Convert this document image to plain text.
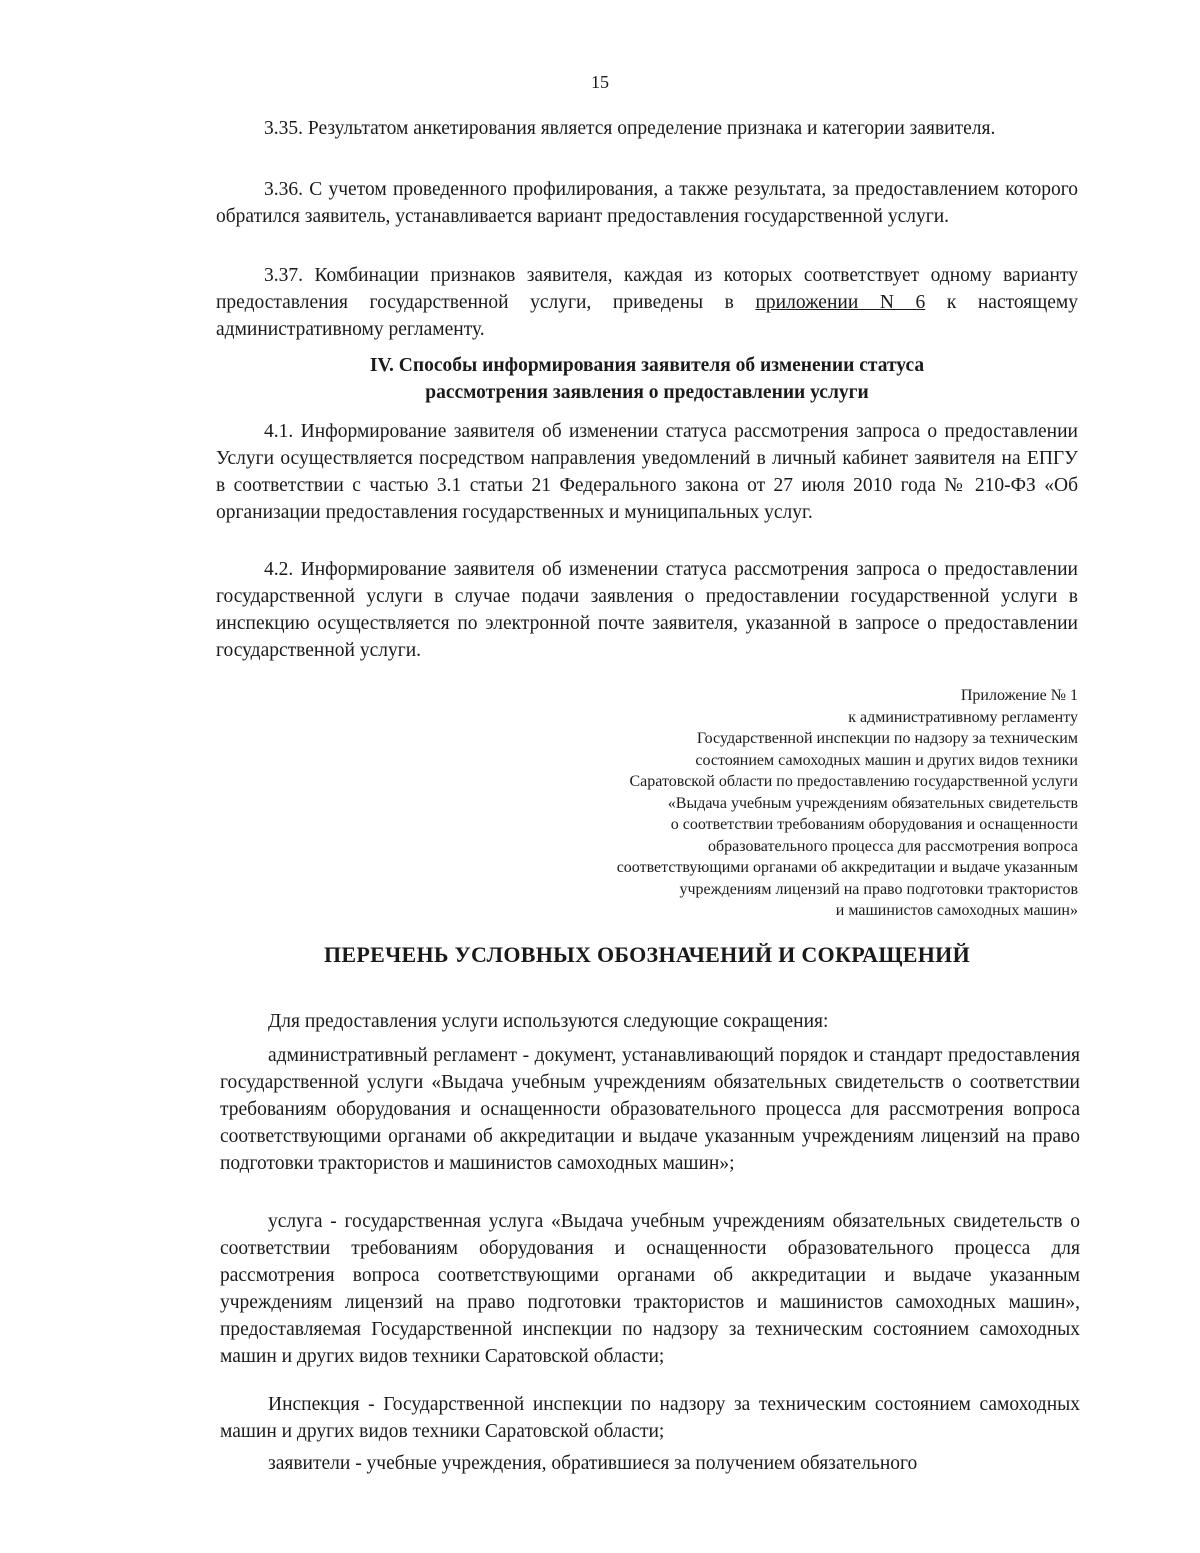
15

3.35. Результатом анкетирования является определение признака и категории заявителя.

3.36. С учетом проведенного профилирования, а также результата, за предоставлением которого обратился заявитель, устанавливается вариант предоставления государственной услуги.

3.37. Комбинации признаков заявителя, каждая из которых соответствует одному варианту предоставления государственной услуги, приведены в приложении N 6 к настоящему административному регламенту.

IV. Способы информирования заявителя об изменении статуса
рассмотрения заявления о предоставлении услуги

4.1. Информирование заявителя об изменении статуса рассмотрения запроса о предоставлении Услуги осуществляется посредством направления уведомлений в личный кабинет заявителя на ЕПГУ в соответствии с частью 3.1 статьи 21 Федерального закона от 27 июля 2010 года № 210-ФЗ «Об организации предоставления государственных и муниципальных услуг.

4.2. Информирование заявителя об изменении статуса рассмотрения запроса о предоставлении государственной услуги в случае подачи заявления о предоставлении государственной услуги в инспекцию осуществляется по электронной почте заявителя, указанной в запросе о предоставлении государственной услуги.

Приложение № 1
к административному регламенту
Государственной инспекции по надзору за техническим
состоянием самоходных машин и других видов техники
Саратовской области по предоставлению государственной услуги
«Выдача учебным учреждениям обязательных свидетельств
о соответствии требованиям оборудования и оснащенности
образовательного процесса для рассмотрения вопроса
соответствующими органами об аккредитации и выдаче указанным
учреждениям лицензий на право подготовки трактористов
и машинистов самоходных машин»
ПЕРЕЧЕНЬ УСЛОВНЫХ ОБОЗНАЧЕНИЙ И СОКРАЩЕНИЙ

Для предоставления услуги используются следующие сокращения:

административный регламент - документ, устанавливающий порядок и стандарт предоставления государственной услуги «Выдача учебным учреждениям обязательных свидетельств о соответствии требованиям оборудования и оснащенности образовательного процесса для рассмотрения вопроса соответствующими органами об аккредитации и выдаче указанным учреждениям лицензий на право подготовки трактористов и машинистов самоходных машин»;

услуга - государственная услуга «Выдача учебным учреждениям обязательных свидетельств о соответствии требованиям оборудования и оснащенности образовательного процесса для рассмотрения вопроса соответствующими органами об аккредитации и выдаче указанным учреждениям лицензий на право подготовки трактористов и машинистов самоходных машин», предоставляемая Государственной инспекции по надзору за техническим состоянием самоходных машин и других видов техники Саратовской области;

Инспекция - Государственной инспекции по надзору за техническим состоянием самоходных машин и других видов техники Саратовской области;

заявители - учебные учреждения, обратившиеся за получением обязательного
